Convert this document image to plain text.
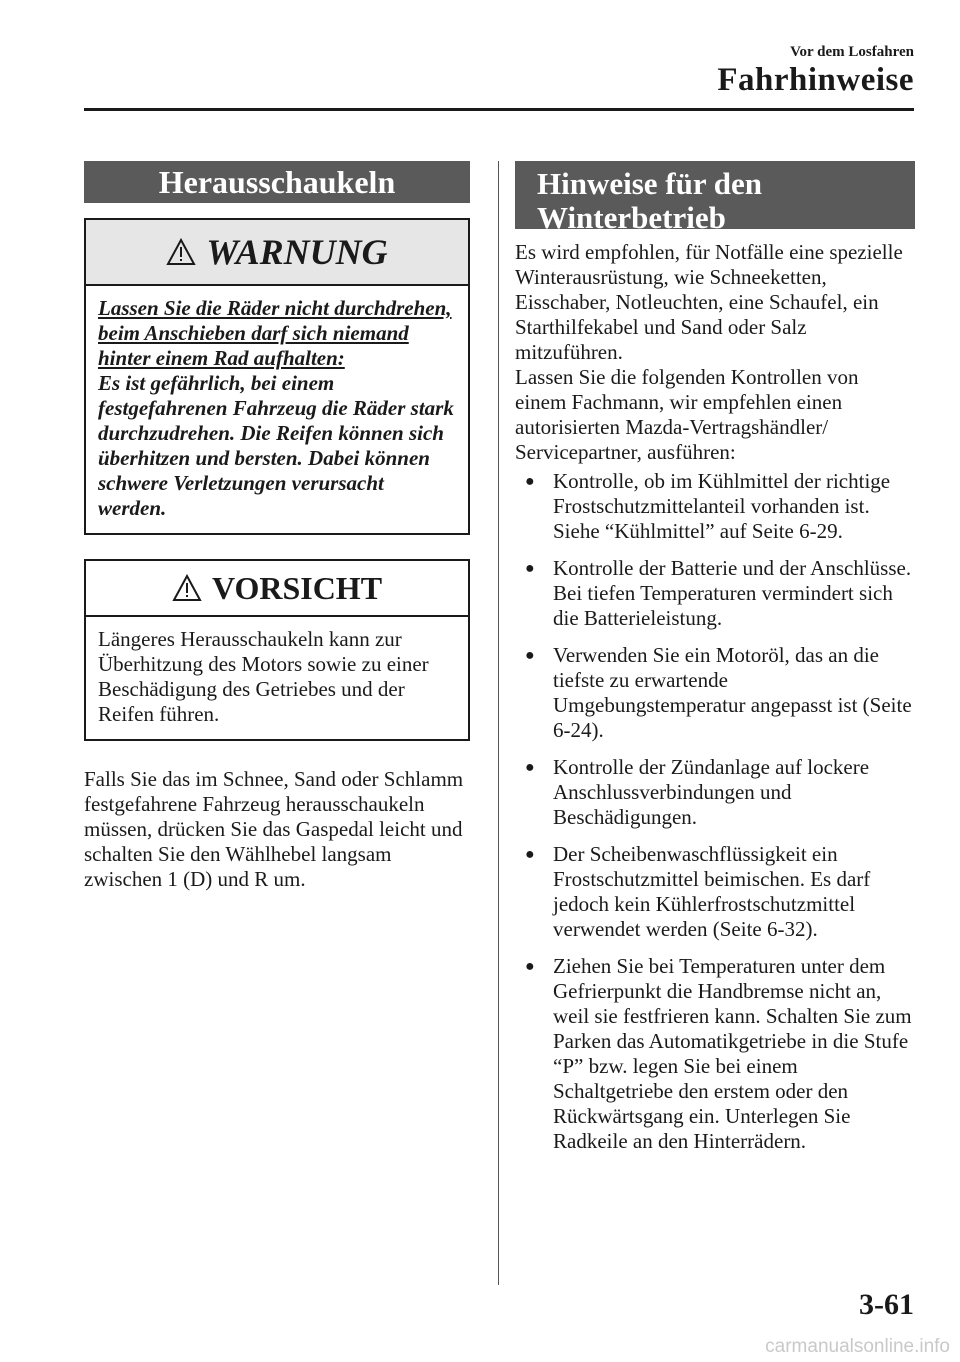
Vor dem Losfahren
Fahrhinweise
Herausschaukeln
WARNUNG
Lassen Sie die Räder nicht durchdrehen, beim Anschieben darf sich niemand hinter einem Rad aufhalten:
Es ist gefährlich, bei einem festgefahrenen Fahrzeug die Räder stark durchzudrehen. Die Reifen können sich überhitzen und bersten. Dabei können schwere Verletzungen verursacht werden.
VORSICHT
Längeres Herausschaukeln kann zur Überhitzung des Motors sowie zu einer Beschädigung des Getriebes und der Reifen führen.
Falls Sie das im Schnee, Sand oder Schlamm festgefahrene Fahrzeug herausschaukeln müssen, drücken Sie das Gaspedal leicht und schalten Sie den Wählhebel langsam zwischen 1 (D) und R um.
Hinweise für den
Winterbetrieb
Es wird empfohlen, für Notfälle eine spezielle Winterausrüstung, wie Schneeketten, Eisschaber, Notleuchten, eine Schaufel, ein Starthilfekabel und Sand oder Salz mitzuführen.
Lassen Sie die folgenden Kontrollen von einem Fachmann, wir empfehlen einen autorisierten Mazda-Vertragshändler/ Servicepartner, ausführen:
● Kontrolle, ob im Kühlmittel der richtige Frostschutzmittelanteil vorhanden ist.
Siehe “Kühlmittel” auf Seite 6-29.
● Kontrolle der Batterie und der Anschlüsse. Bei tiefen Temperaturen vermindert sich die Batterieleistung.
● Verwenden Sie ein Motoröl, das an die tiefste zu erwartende Umgebungstemperatur angepasst ist (Seite 6-24).
● Kontrolle der Zündanlage auf lockere Anschlussverbindungen und Beschädigungen.
● Der Scheibenwaschflüssigkeit ein Frostschutzmittel beimischen. Es darf jedoch kein Kühlerfrostschutzmittel verwendet werden (Seite 6-32).
● Ziehen Sie bei Temperaturen unter dem Gefrierpunkt die Handbremse nicht an, weil sie festfrieren kann. Schalten Sie zum Parken das Automatikgetriebe in die Stufe “P” bzw. legen Sie bei einem Schaltgetriebe den erstem oder den Rückwärtsgang ein. Unterlegen Sie Radkeile an den Hinterrädern.
3-61
carmanualsonline.info
